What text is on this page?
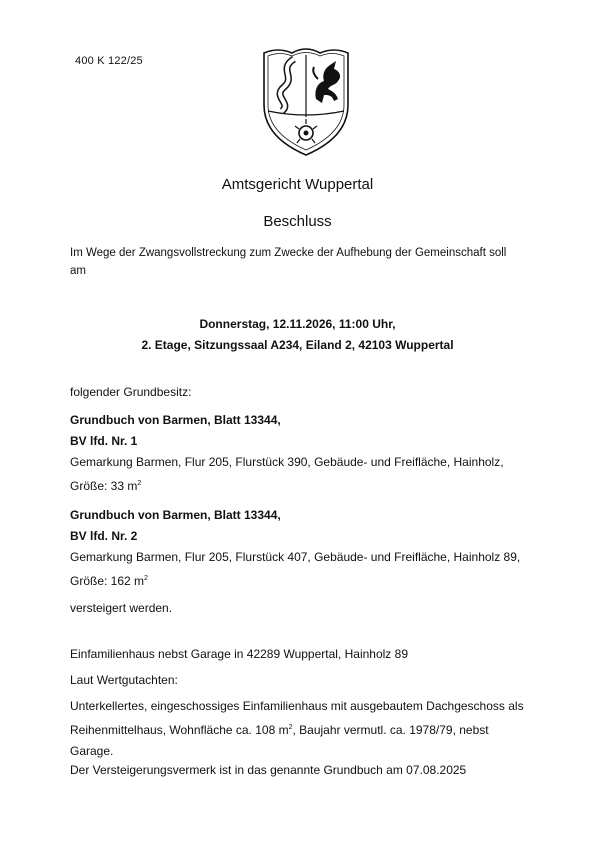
400 K 122/25
Amtsgericht Wuppertal
Beschluss
Im Wege der Zwangsvollstreckung zum Zwecke der Aufhebung der Gemeinschaft soll am
Donnerstag, 12.11.2026, 11:00 Uhr,
2. Etage, Sitzungssaal A234, Eiland 2, 42103 Wuppertal
folgender Grundbesitz:
Grundbuch von Barmen, Blatt 13344,
BV lfd. Nr. 1
Gemarkung Barmen, Flur 205, Flurstück 390, Gebäude- und Freifläche, Hainholz, Größe: 33 $m^2$
Grundbuch von Barmen, Blatt 13344,
BV lfd. Nr. 2
Gemarkung Barmen, Flur 205, Flurstück 407, Gebäude- und Freifläche, Hainholz 89, Größe: 162 $m^2$
versteigert werden.
Einfamilienhaus nebst Garage in 42289 Wuppertal, Hainholz 89
Laut Wertgutachten:
Unterkellertes, eingeschossiges Einfamilienhaus mit ausgebautem Dachgeschoss als Reihenmittelhaus, Wohnfläche ca. 108 $m^2$, Baujahr vermutl. ca. 1978/79, nebst Garage.
Der Versteigerungsvermerk ist in das genannte Grundbuch am 07.08.2025
